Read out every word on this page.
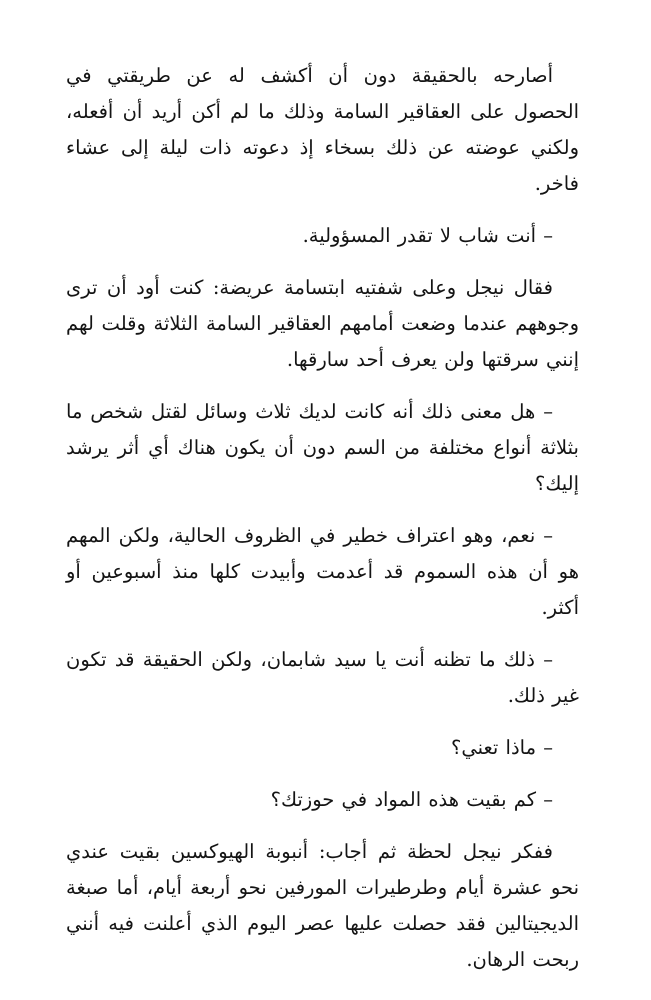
أصارحه بالحقيقة دون أن أكشف له عن طريقتي في الحصول على العقاقير السامة وذلك ما لم أكن أريد أن أفعله، ولكني عوضته عن ذلك بسخاء إذ دعوته ذات ليلة إلى عشاء فاخر.

– أنت شاب لا تقدر المسؤولية.

فقال نيجل وعلى شفتيه ابتسامة عريضة: كنت أود أن ترى وجوههم عندما وضعت أمامهم العقاقير السامة الثلاثة وقلت لهم إنني سرقتها ولن يعرف أحد سارقها.

– هل معنى ذلك أنه كانت لديك ثلاث وسائل لقتل شخص ما بثلاثة أنواع مختلفة من السم دون أن يكون هناك أي أثر يرشد إليك؟

– نعم، وهو اعتراف خطير في الظروف الحالية، ولكن المهم هو أن هذه السموم قد أعدمت وأبيدت كلها منذ أسبوعين أو أكثر.

– ذلك ما تظنه أنت يا سيد شابمان، ولكن الحقيقة قد تكون غير ذلك.

– ماذا تعني؟

– كم بقيت هذه المواد في حوزتك؟

ففكر نيجل لحظة ثم أجاب: أنبوبة الهيوكسين بقيت عندي نحو عشرة أيام وطرطيرات المورفين نحو أربعة أيام، أما صبغة الديجيتالين فقد حصلت عليها عصر اليوم الذي أعلنت فيه أنني ربحت الرهان.
